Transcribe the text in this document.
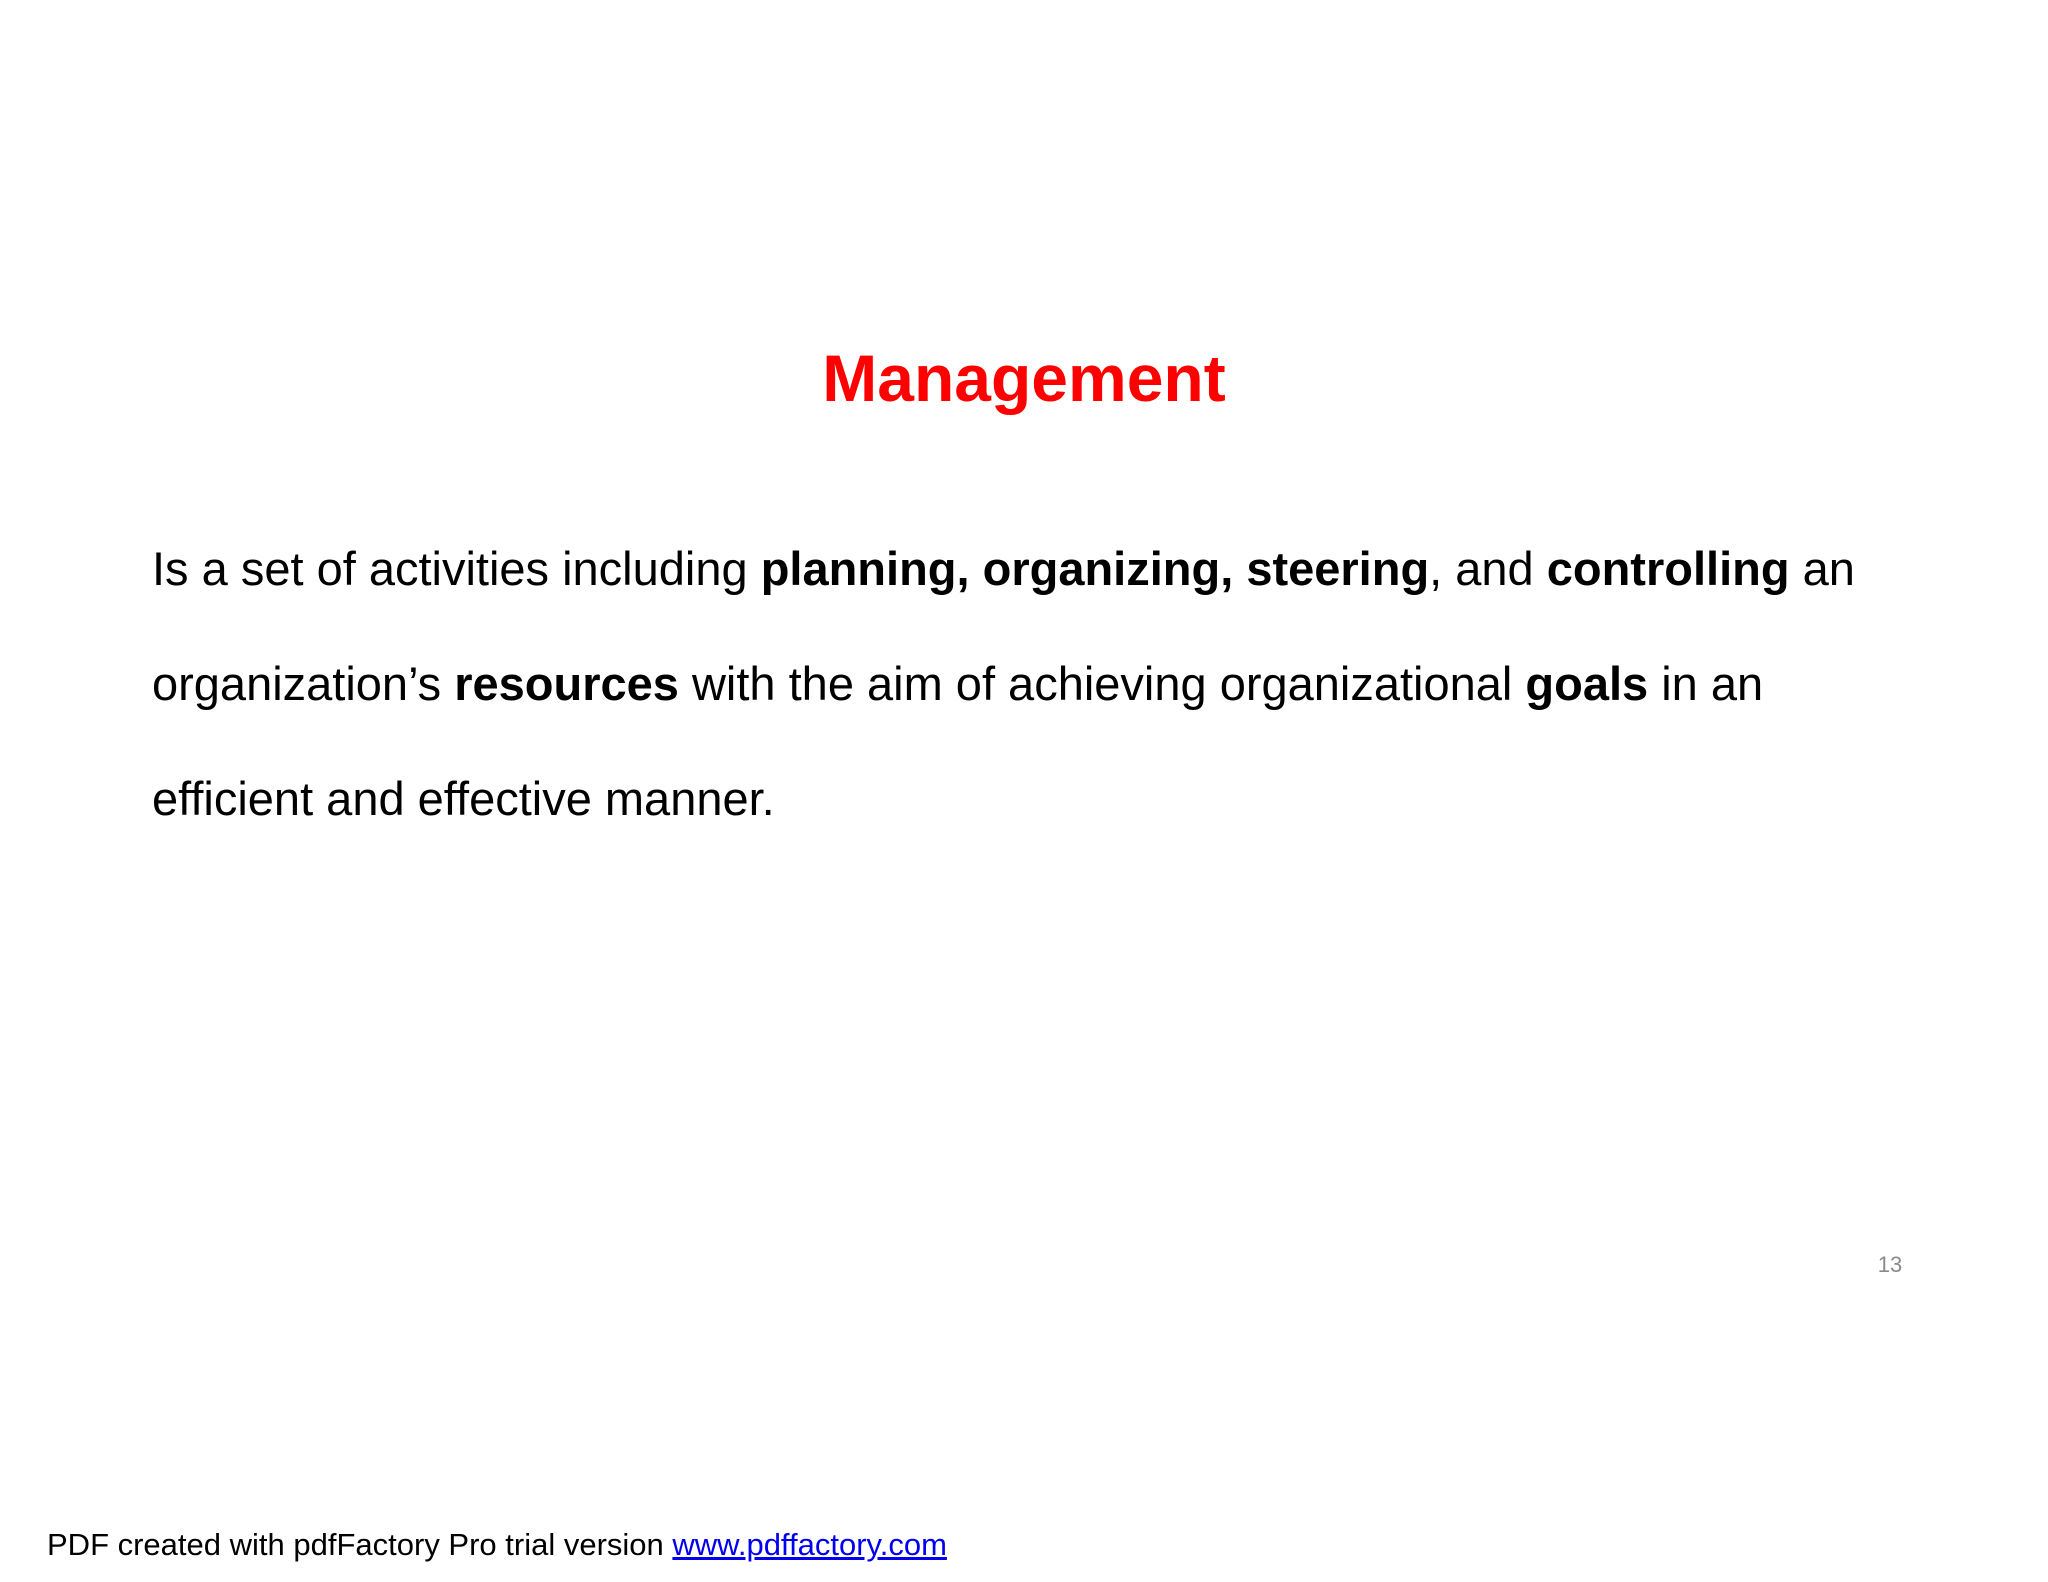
Management

Is a set of activities including planning, organizing, steering, and controlling an
organization’s resources with the aim of achieving organizational goals in an
efficient and effective manner.

13
PDF created with pdfFactory Pro trial version www.pdffactory.com
